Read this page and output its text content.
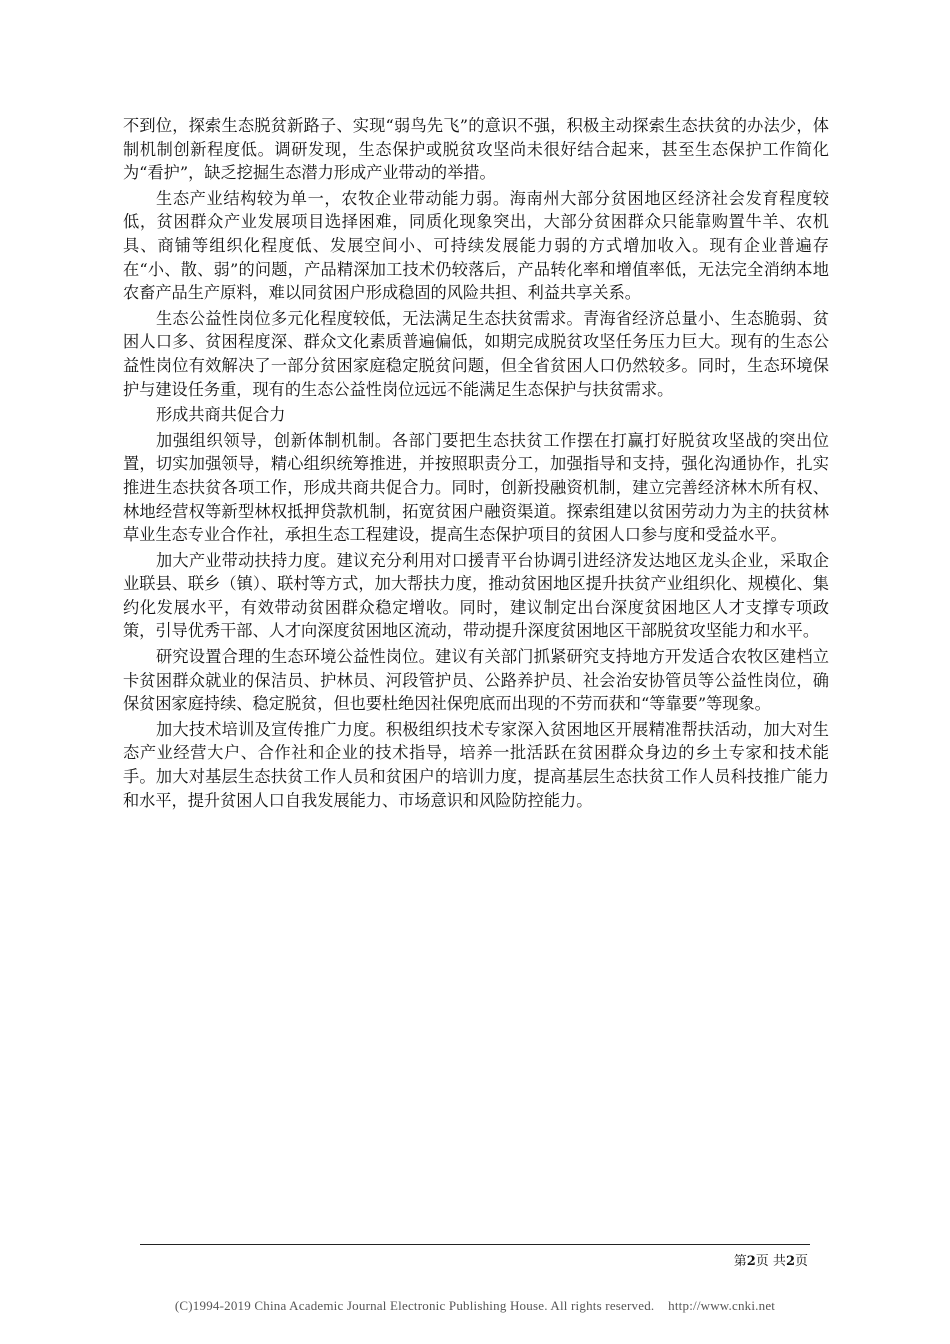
不到位，探索生态脱贫新路子、实现“弱鸟先飞”的意识不强，积极主动探索生态扶贫的办法少，体制机制创新程度低。调研发现，生态保护或脱贫攻坚尚未很好结合起来，甚至生态保护工作简化为“看护”，缺乏挖掘生态潜力形成产业带动的举措。

生态产业结构较为单一，农牧企业带动能力弱。海南州大部分贫困地区经济社会发育程度较低，贫困群众产业发展项目选择困难，同质化现象突出，大部分贫困群众只能靠购置牛羊、农机具、商铺等组织化程度低、发展空间小、可持续发展能力弱的方式增加收入。现有企业普遍存在“小、散、弱”的问题，产品精深加工技术仍较落后，产品转化率和增值率低，无法完全消纳本地农畜产品生产原料，难以同贫困户形成稳固的风险共担、利益共享关系。

生态公益性岗位多元化程度较低，无法满足生态扶贫需求。青海省经济总量小、生态脆弱、贫困人口多、贫困程度深、群众文化素质普遍偏低，如期完成脱贫攻坚任务压力巨大。现有的生态公益性岗位有效解决了一部分贫困家庭稳定脱贫问题，但全省贫困人口仍然较多。同时，生态环境保护与建设任务重，现有的生态公益性岗位远远不能满足生态保护与扶贫需求。

形成共商共促合力

加强组织领导，创新体制机制。各部门要把生态扶贫工作摆在打赢打好脱贫攻坚战的突出位置，切实加强领导，精心组织统筹推进，并按照职责分工，加强指导和支持，强化沟通协作，扎实推进生态扶贫各项工作，形成共商共促合力。同时，创新投融资机制，建立完善经济林木所有权、林地经营权等新型林权抵押贷款机制，拓宽贫困户融资渠道。探索组建以贫困劳动力为主的扶贫林草业生态专业合作社，承担生态工程建设，提高生态保护项目的贫困人口参与度和受益水平。

加大产业带动扶持力度。建议充分利用对口援青平台协调引进经济发达地区龙头企业，采取企业联县、联乡（镇）、联村等方式，加大帮扶力度，推动贫困地区提升扶贫产业组织化、规模化、集约化发展水平，有效带动贫困群众稳定增收。同时，建议制定出台深度贫困地区人才支撑专项政策，引导优秀干部、人才向深度贫困地区流动，带动提升深度贫困地区干部脱贫攻坚能力和水平。

研究设置合理的生态环境公益性岗位。建议有关部门抓紧研究支持地方开发适合农牧区建档立卡贫困群众就业的保洁员、护林员、河段管护员、公路养护员、社会治安协管员等公益性岗位，确保贫困家庭持续、稳定脱贫，但也要杜绝因社保兜底而出现的不劳而获和“等靠要”等现象。

加大技术培训及宣传推广力度。积极组织技术专家深入贫困地区开展精准帮扶活动，加大对生态产业经营大户、合作社和企业的技术指导，培养一批活跃在贫困群众身边的乡土专家和技术能手。加大对基层生态扶贫工作人员和贫困户的培训力度，提高基层生态扶贫工作人员科技推广能力和水平，提升贫困人口自我发展能力、市场意识和风险防控能力。

第2页 共2页
(C)1994-2019 China Academic Journal Electronic Publishing House. All rights reserved.    http://www.cnki.net
